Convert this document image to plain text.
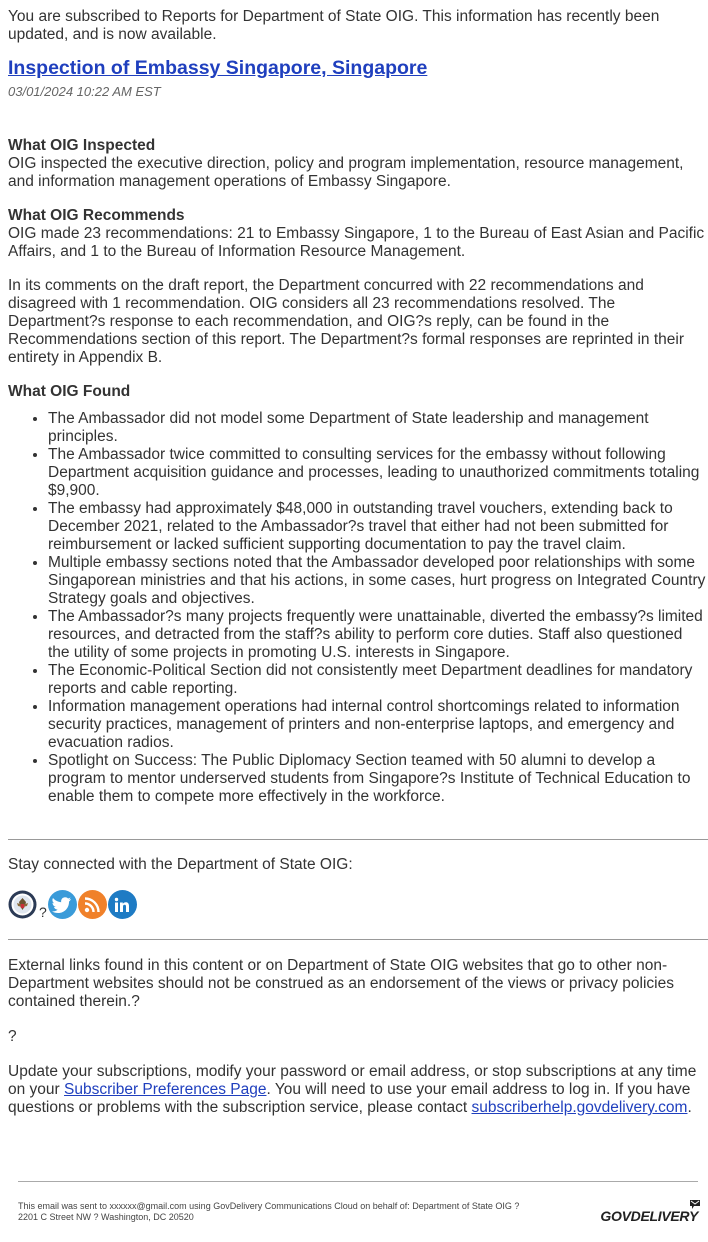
You are subscribed to Reports for Department of State OIG. This information has recently been updated, and is now available.

Inspection of Embassy Singapore, Singapore
03/01/2024 10:22 AM EST

What OIG Inspected

OIG inspected the executive direction, policy and program implementation, resource management, and information management operations of Embassy Singapore.

What OIG Recommends

OIG made 23 recommendations: 21 to Embassy Singapore, 1 to the Bureau of East Asian and Pacific Affairs, and 1 to the Bureau of Information Resource Management.

In its comments on the draft report, the Department concurred with 22 recommendations and disagreed with 1 recommendation. OIG considers all 23 recommendations resolved. The Department?s response to each recommendation, and OIG?s reply, can be found in the Recommendations section of this report. The Department?s formal responses are reprinted in their entirety in Appendix B.

What OIG Found

• The Ambassador did not model some Department of State leadership and management principles.
• The Ambassador twice committed to consulting services for the embassy without following Department acquisition guidance and processes, leading to unauthorized commitments totaling $9,900.
• The embassy had approximately $48,000 in outstanding travel vouchers, extending back to December 2021, related to the Ambassador?s travel that either had not been submitted for reimbursement or lacked sufficient supporting documentation to pay the travel claim.
• Multiple embassy sections noted that the Ambassador developed poor relationships with some Singaporean ministries and that his actions, in some cases, hurt progress on Integrated Country Strategy goals and objectives.
• The Ambassador?s many projects frequently were unattainable, diverted the embassy?s limited resources, and detracted from the staff?s ability to perform core duties. Staff also questioned the utility of some projects in promoting U.S. interests in Singapore.
• The Economic-Political Section did not consistently meet Department deadlines for mandatory reports and cable reporting.
• Information management operations had internal control shortcomings related to information security practices, management of printers and non-enterprise laptops, and emergency and evacuation radios.
• Spotlight on Success: The Public Diplomacy Section teamed with 50 alumni to develop a program to mentor underserved students from Singapore?s Institute of Technical Education to enable them to compete more effectively in the workforce.

Stay connected with the Department of State OIG:

?

External links found in this content or on Department of State OIG websites that go to other non-Department websites should not be construed as an endorsement of the views or privacy policies contained therein.?

?

Update your subscriptions, modify your password or email address, or stop subscriptions at any time on your Subscriber Preferences Page. You will need to use your email address to log in. If you have questions or problems with the subscription service, please contact subscriberhelp.govdelivery.com.

This email was sent to xxxxxx@gmail.com using GovDelivery Communications Cloud on behalf of: Department of State OIG ?
2201 C Street NW ? Washington, DC 20520	GOVDELIVERY
